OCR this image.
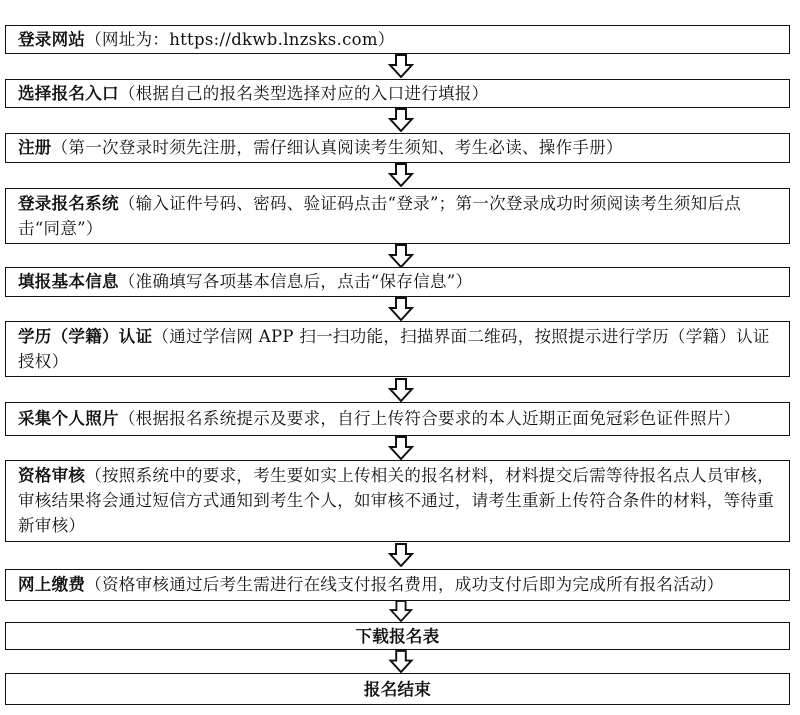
登录网站（网址为：https://dkwb.lnzsks.com）
选择报名入口（根据自己的报名类型选择对应的入口进行填报）
注册（第一次登录时须先注册，需仔细认真阅读考生须知、考生必读、操作手册）
登录报名系统（输入证件号码、密码、验证码点击“登录”；第一次登录成功时须阅读考生须知后点击“同意”）
填报基本信息（准确填写各项基本信息后，点击“保存信息”）
学历（学籍）认证（通过学信网 APP 扫一扫功能，扫描界面二维码，按照提示进行学历（学籍）认证授权）
采集个人照片（根据报名系统提示及要求，自行上传符合要求的本人近期正面免冠彩色证件照片）
资格审核（按照系统中的要求，考生要如实上传相关的报名材料，材料提交后需等待报名点人员审核，审核结果将会通过短信方式通知到考生个人，如审核不通过，请考生重新上传符合条件的材料，等待重新审核）
网上缴费（资格审核通过后考生需进行在线支付报名费用，成功支付后即为完成所有报名活动）
下载报名表
报名结束
